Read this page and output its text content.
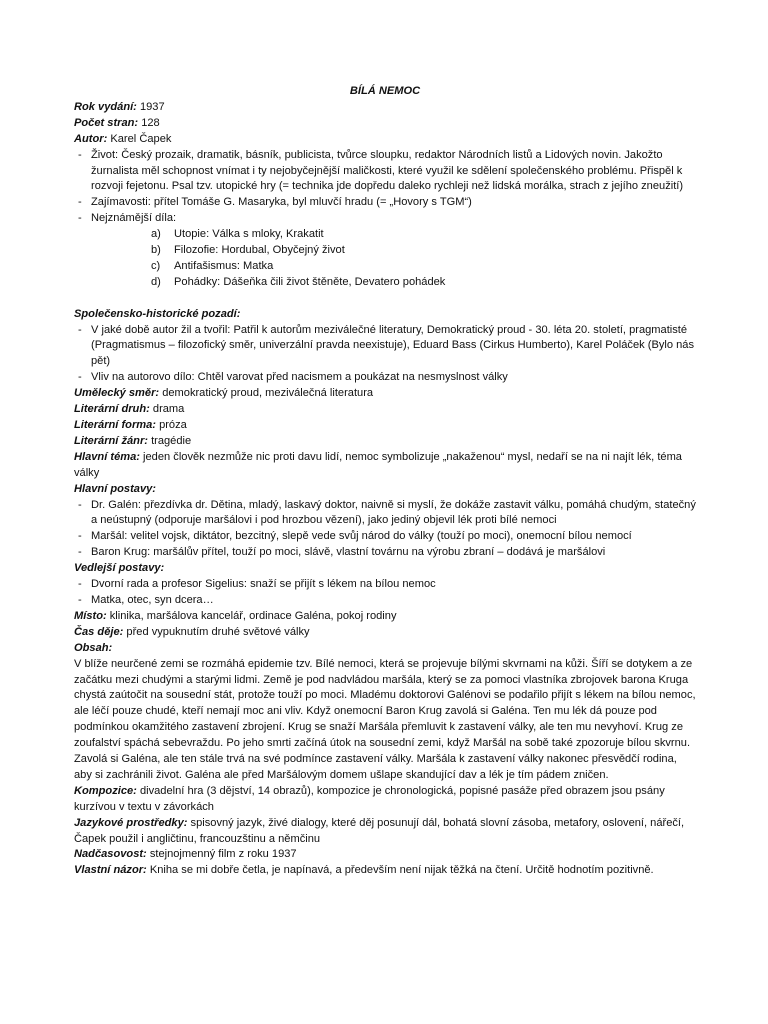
BÍLÁ NEMOC
Rok vydání: 1937
Počet stran: 128
Autor: Karel Čapek
- Život: Český prozaik, dramatik, básník, publicista, tvůrce sloupku, redaktor Národních listů a Lidových novin. Jakožto žurnalista měl schopnost vnímat i ty nejobyčejnější maličkosti, které využil ke sdělení společenského problému. Přispěl k rozvoji fejetonu. Psal tzv. utopické hry (= technika jde dopředu daleko rychleji než lidská morálka, strach z jejího zneužití)
- Zajímavosti: přítel Tomáše G. Masaryka, byl mluvčí hradu (= „Hovory s TGM“)
- Nejznámější díla:
a) Utopie: Válka s mloky, Krakatit
b) Filozofie: Hordubal, Obyčejný život
c) Antifašismus: Matka
d) Pohádky: Dášeňka čili život štěněte, Devatero pohádek
Společensko-historické pozadí:
- V jaké době autor žil a tvořil: Patřil k autorům meziválečné literatury, Demokratický proud - 30. léta 20. století, pragmatisté (Pragmatismus – filozofický směr, univerzální pravda neexistuje), Eduard Bass (Cirkus Humberto), Karel Poláček (Bylo nás pět)
- Vliv na autorovo dílo: Chtěl varovat před nacismem a poukázat na nesmyslnost války
Umělecký směr: demokratický proud, meziválečná literatura
Literární druh: drama
Literární forma: próza
Literární žánr: tragédie
Hlavní téma: jeden člověk nezmůže nic proti davu lidí, nemoc symbolizuje „nakaženou“ mysl, nedaří se na ni najít lék, téma války
Hlavní postavy:
- Dr. Galén: přezdívka dr. Dětina, mladý, laskavý doktor, naivně si myslí, že dokáže zastavit válku, pomáhá chudým, statečný a neústupný (odporuje maršálovi i pod hrozbou vězení), jako jediný objevil lék proti bílé nemoci
- Maršál: velitel vojsk, diktátor, bezcitný, slepě vede svůj národ do války (touží po moci), onemocní bílou nemocí
- Baron Krug: maršálův přítel, touží po moci, slávě, vlastní továrnu na výrobu zbraní – dodává je maršálovi
Vedlejší postavy:
- Dvorní rada a profesor Sigelius: snaží se přijít s lékem na bílou nemoc
- Matka, otec, syn dcera…
Místo: klinika, maršálova kancelář, ordinace Galéna, pokoj rodiny
Čas děje: před vypuknutím druhé světové války
Obsah:
V blíže neurčené zemi se rozmáhá epidemie tzv. Bílé nemoci, která se projevuje bílými skvrnami na kůži. Šíří se dotykem a ze začátku mezi chudými a starými lidmi. Země je pod nadvládou maršála, který se za pomoci vlastníka zbrojovek barona Kruga chystá zaútočit na sousední stát, protože touží po moci. Mladému doktorovi Galénovi se podařilo přijít s lékem na bílou nemoc, ale léčí pouze chudé, kteří nemají moc ani vliv. Když onemocní Baron Krug zavolá si Galéna. Ten mu lék dá pouze pod podmínkou okamžitého zastavení zbrojení. Krug se snaží Maršála přemluvit k zastavení války, ale ten mu nevyhoví. Krug ze zoufalství spáchá sebevraždu. Po jeho smrti začíná útok na sousední zemi, když Maršál na sobě také zpozoruje bílou skvrnu. Zavolá si Galéna, ale ten stále trvá na své podmínce zastavení války. Maršála k zastavení války nakonec přesvědčí rodina, aby si zachránili život. Galéna ale před Maršálovým domem ušlape skandující dav a lék je tím pádem zničen.
Kompozice: divadelní hra (3 dějství, 14 obrazů), kompozice je chronologická, popisné pasáže před obrazem jsou psány kurzívou v textu v závorkách
Jazykové prostředky: spisovný jazyk, živé dialogy, které děj posunují dál, bohatá slovní zásoba, metafory, oslovení, nářečí, Čapek použil i angličtinu, francouzštinu a němčinu
Nadčasovost: stejnojmenný film z roku 1937
Vlastní názor: Kniha se mi dobře četla, je napínavá, a především není nijak těžká na čtení. Určitě hodnotím pozitivně.
